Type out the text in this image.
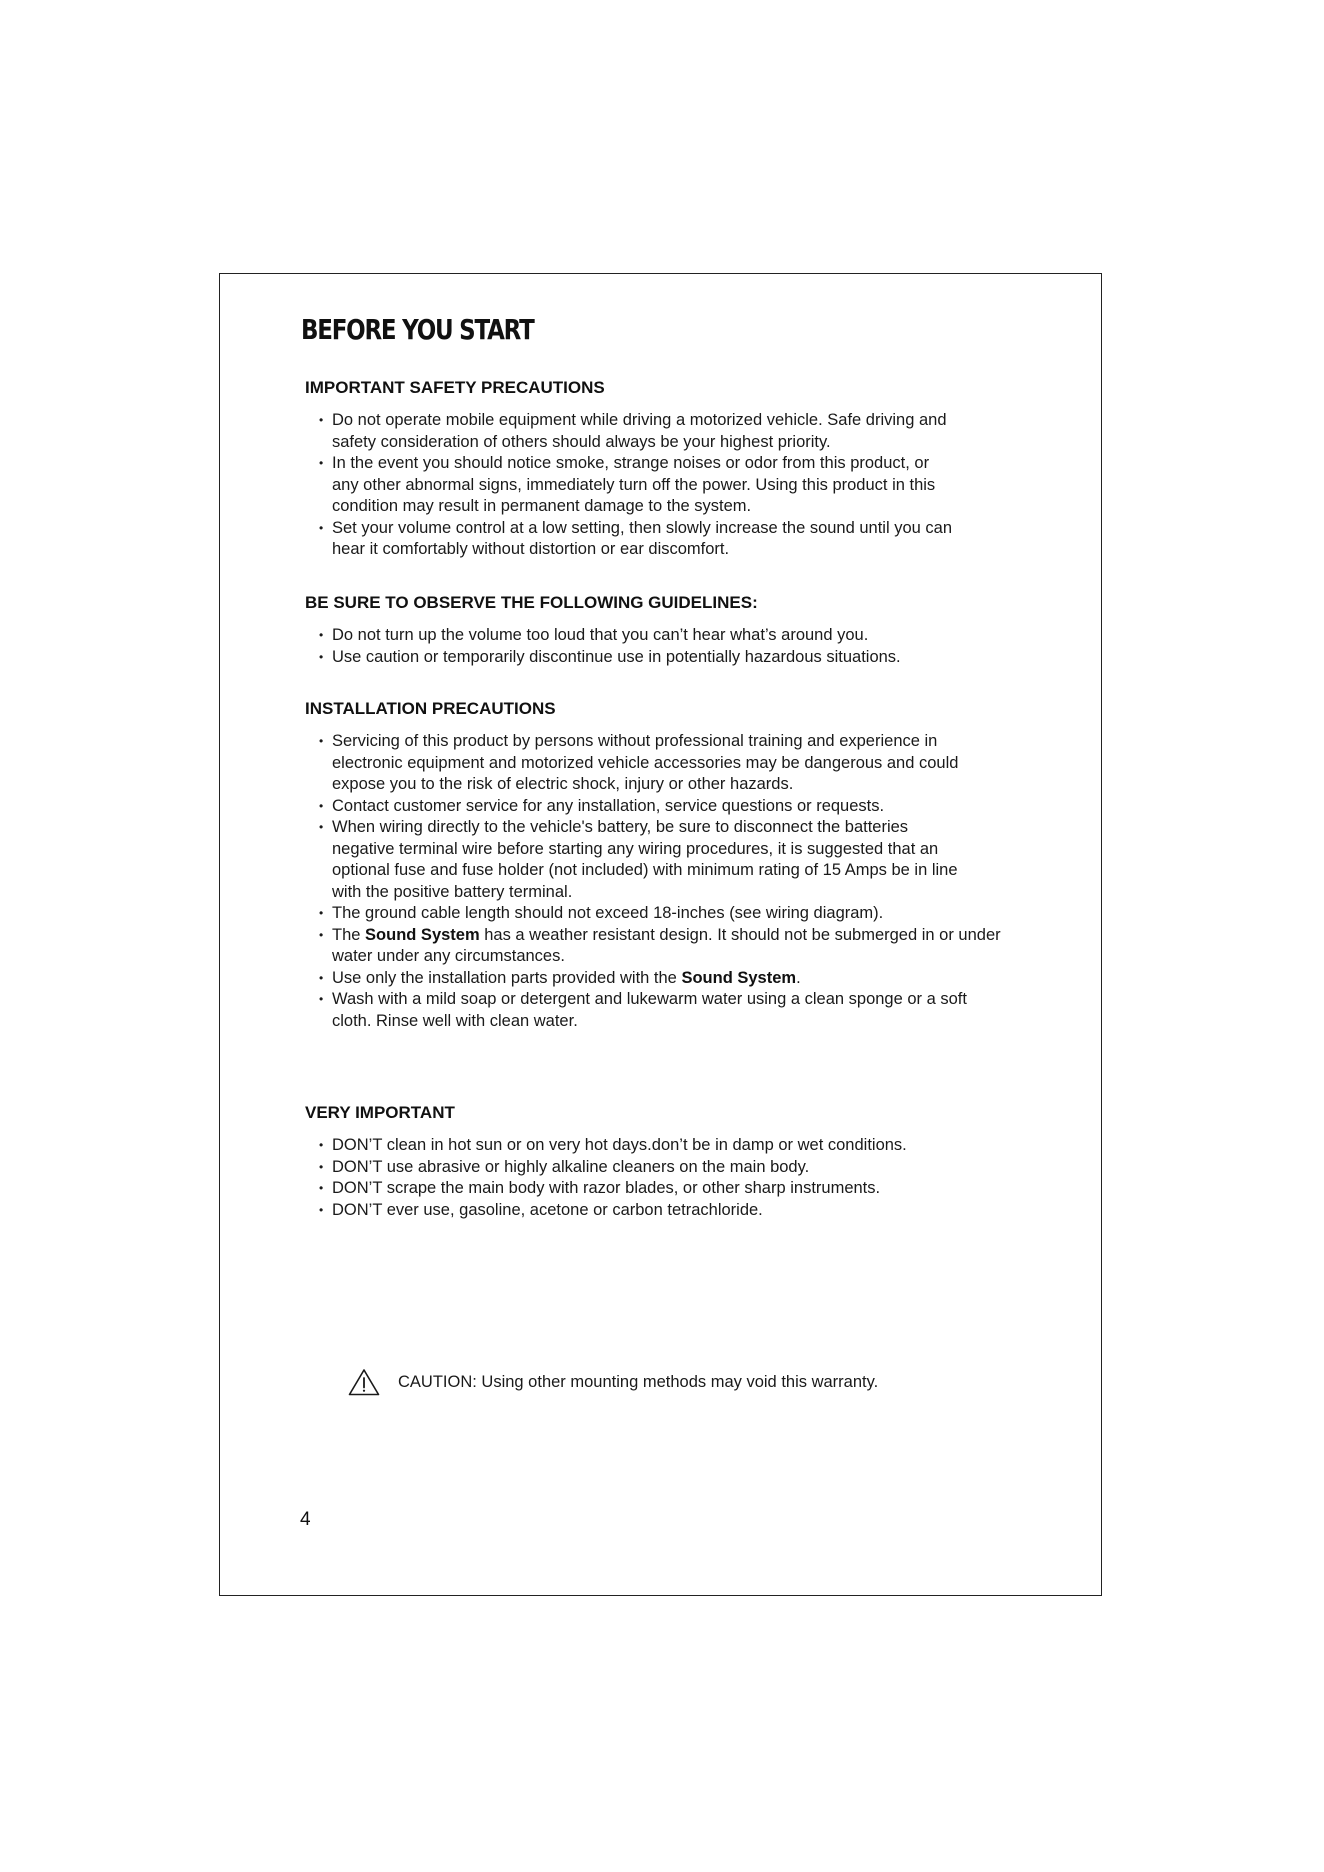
BEFORE YOU START
IMPORTANT SAFETY PRECAUTIONS
• Do not operate mobile equipment while driving a motorized vehicle. Safe driving and
safety consideration of others should always be your highest priority.
• In the event you should notice smoke, strange noises or odor from this product, or
any other abnormal signs, immediately turn off the power. Using this product in this
condition may result in permanent damage to the system.
• Set your volume control at a low setting, then slowly increase the sound until you can
hear it comfortably without distortion or ear discomfort.
BE SURE TO OBSERVE THE FOLLOWING GUIDELINES:
• Do not turn up the volume too loud that you can’t hear what’s around you.
• Use caution or temporarily discontinue use in potentially hazardous situations.
INSTALLATION PRECAUTIONS
• Servicing of this product by persons without professional training and experience in
electronic equipment and motorized vehicle accessories may be dangerous and could
expose you to the risk of electric shock, injury or other hazards.
• Contact customer service for any installation, service questions or requests.
• When wiring directly to the vehicle's battery, be sure to disconnect the batteries
negative terminal wire before starting any wiring procedures, it is suggested that an
optional fuse and fuse holder (not included) with minimum rating of 15 Amps be in line
with the positive battery terminal.
• The ground cable length should not exceed 18-inches (see wiring diagram).
• The Sound System has a weather resistant design. It should not be submerged in or under
water under any circumstances.
• Use only the installation parts provided with the Sound System.
• Wash with a mild soap or detergent and lukewarm water using a clean sponge or a soft
cloth. Rinse well with clean water.
VERY IMPORTANT
• DON’T clean in hot sun or on very hot days.don’t be in damp or wet conditions.
• DON’T use abrasive or highly alkaline cleaners on the main body.
• DON’T scrape the main body with razor blades, or other sharp instruments.
• DON’T ever use, gasoline, acetone or carbon tetrachloride.
CAUTION: Using other mounting methods may void this warranty.
4
